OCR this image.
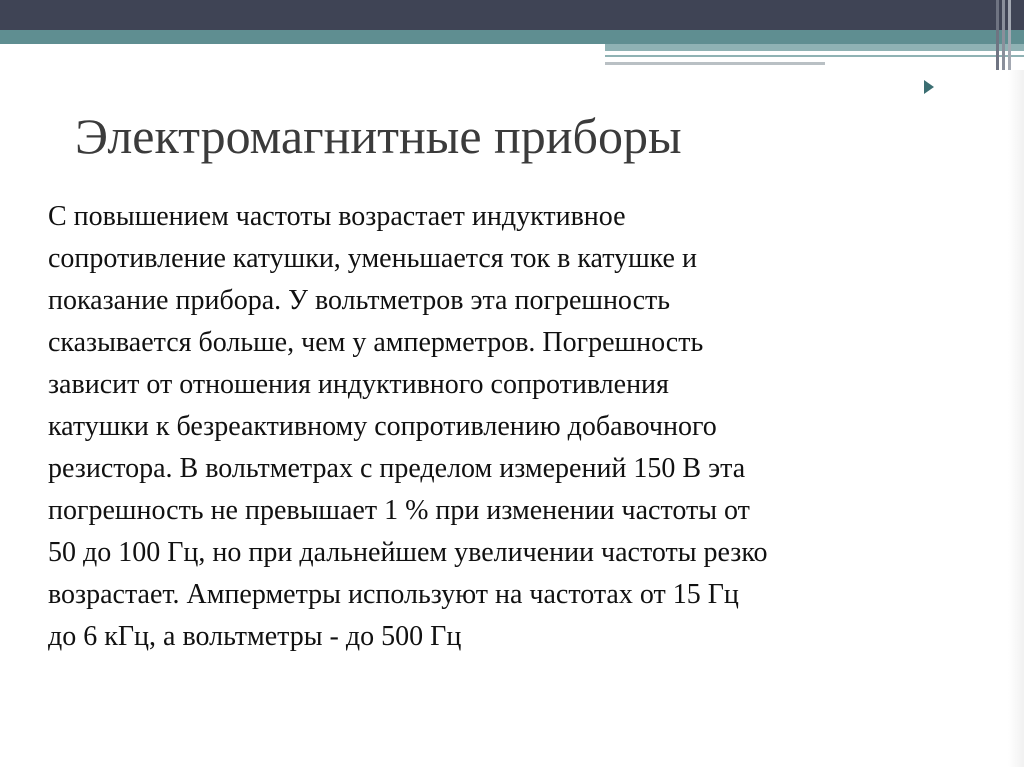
Электромагнитные приборы

С повышением частоты возрастает индуктивное
сопротивление катушки, уменьшается ток в катушке и
показание прибора. У вольтметров эта погрешность
сказывается больше, чем у амперметров. Погрешность
зависит от отношения индуктивного сопротивления
катушки к безреактивному сопротивлению добавочного
резистора. В вольтметрах с пределом измерений 150 В эта
погрешность не превышает 1 % при изменении частоты от
50 до 100 Гц, но при дальнейшем увеличении частоты резко
возрастает. Амперметры используют на частотах от 15 Гц
до 6 кГц, а вольтметры - до 500 Гц
